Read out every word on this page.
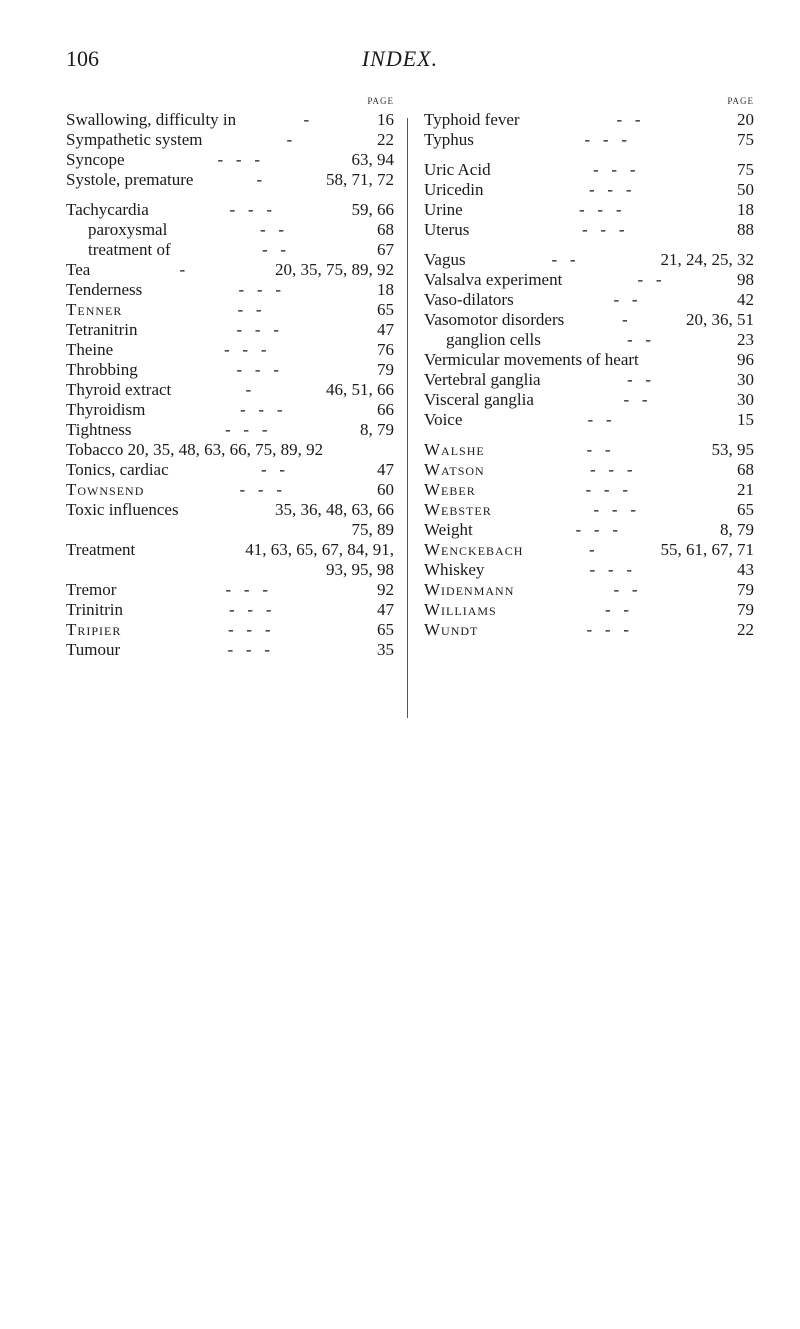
106	INDEX.
PAGE
Swallowing, difficulty in	-	16
Sympathetic system	-	22
Syncope	-   -   -	63, 94
Systole, premature	-	58, 71, 72
Tachycardia	-   -   -	59, 66
paroxysmal	-   -	68
treatment of	-   -	67
Tea	-	20, 35, 75, 89, 92
Tenderness	-   -   -	18
Tenner	-   -	65
Tetranitrin	-   -   -	47
Theine	-   -   -	76
Throbbing	-   -   -	79
Thyroid extract	-	46, 51, 66
Thyroidism	-   -   -	66
Tightness	-   -   -	8, 79
Tobacco 20, 35, 48, 63, 66, 75, 89, 92
Tonics, cardiac	-   -	47
Townsend	-   -   -	60
Toxic influences	35, 36, 48, 63, 66
75, 89
Treatment	41, 63, 65, 67, 84, 91,
93, 95, 98
Tremor	-   -   -	92
Trinitrin	-   -   -	47
Tripier	-   -   -	65
Tumour	-   -   -	35
PAGE
Typhoid fever	-   -	20
Typhus	-   -   -	75
Uric Acid	-   -   -	75
Uricedin	-   -   -	50
Urine	-   -   -	18
Uterus	-   -   -	88
Vagus	-   -	21, 24, 25, 32
Valsalva experiment	-   -	98
Vaso-dilators	-   -	42
Vasomotor disorders	-	20, 36, 51
ganglion cells	-   -	23
Vermicular movements of heart	96
Vertebral ganglia	-   -	30
Visceral ganglia	-   -	30
Voice	-   -	15
Walshe	-   -	53, 95
Watson	-   -   -	68
Weber	-   -   -	21
Webster	-   -   -	65
Weight	-   -   -	8, 79
Wenckebach	-	55, 61, 67, 71
Whiskey	-   -   -	43
Widenmann	-   -	79
Williams	-   -	79
Wundt	-   -   -	22
